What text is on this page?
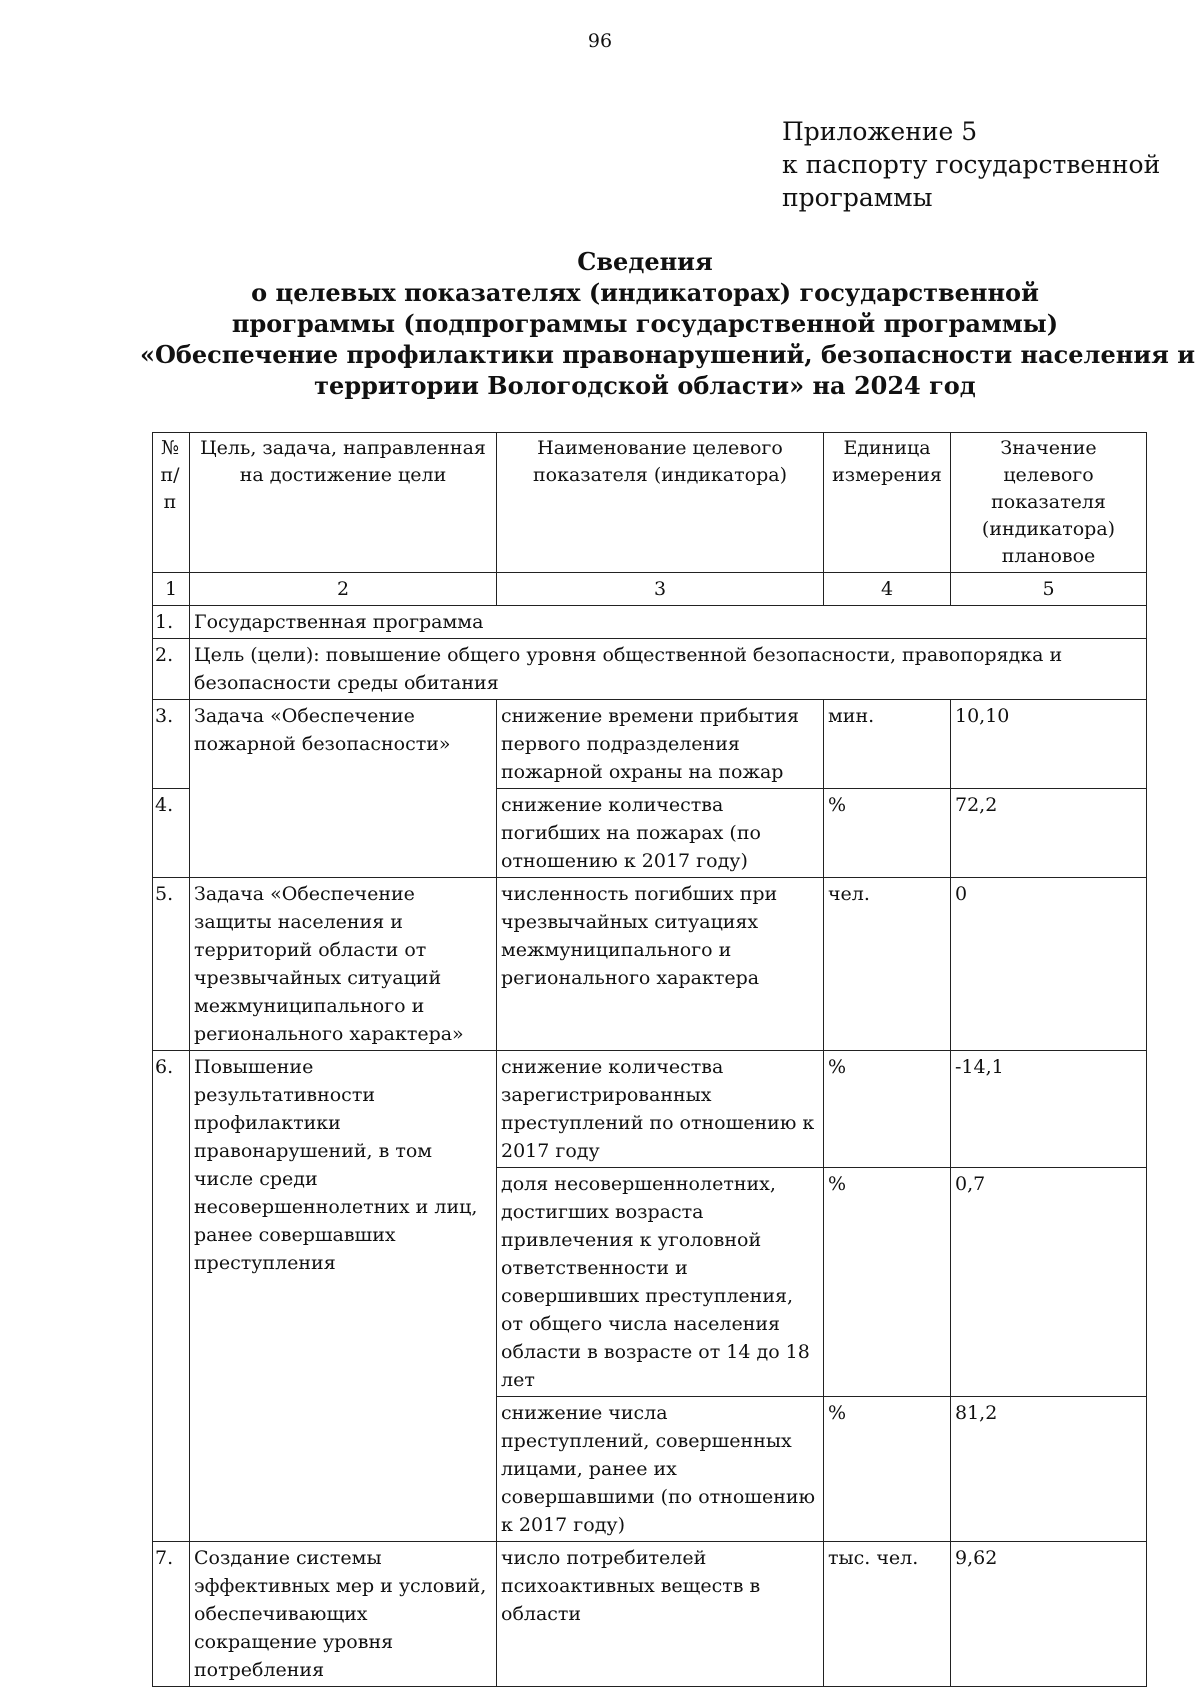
96
Приложение 5
к паспорту государственной
программы
Сведения
о целевых показателях (индикаторах) государственной
программы (подпрограммы государственной программы)
«Обеспечение профилактики правонарушений, безопасности населения и
территории Вологодской области» на 2024 год
№ п/п	Цель, задача, направленная на достижение цели	Наименование целевого показателя (индикатора)	Единица измерения	Значение целевого показателя (индикатора) плановое
1	2	3	4	5
1.	Государственная программа			
2.	Цель (цели): повышение общего уровня общественной безопасности, правопорядка и безопасности среды обитания			
3.	Задача «Обеспечение пожарной безопасности»	снижение времени прибытия первого подразделения пожарной охраны на пожар	мин.	10,10
4.		снижение количества погибших на пожарах (по отношению к 2017 году)	%	72,2
5.	Задача «Обеспечение защиты населения и территорий области от чрезвычайных ситуаций межмуниципального и регионального характера»	численность погибших при чрезвычайных ситуациях межмуниципального и регионального характера	чел.	0
6.	Повышение результативности профилактики правонарушений, в том числе среди несовершеннолетних и лиц, ранее совершавших преступления	снижение количества зарегистрированных преступлений по отношению к 2017 году	%	-14,1
		доля несовершеннолетних, достигших возраста привлечения к уголовной ответственности и совершивших преступления, от общего числа населения области в возрасте от 14 до 18 лет	%	0,7
		снижение числа преступлений, совершенных лицами, ранее их совершавшими (по отношению к 2017 году)	%	81,2
7.	Создание системы эффективных мер и условий, обеспечивающих сокращение уровня потребления	число потребителей психоактивных веществ в области	тыс. чел.	9,62
